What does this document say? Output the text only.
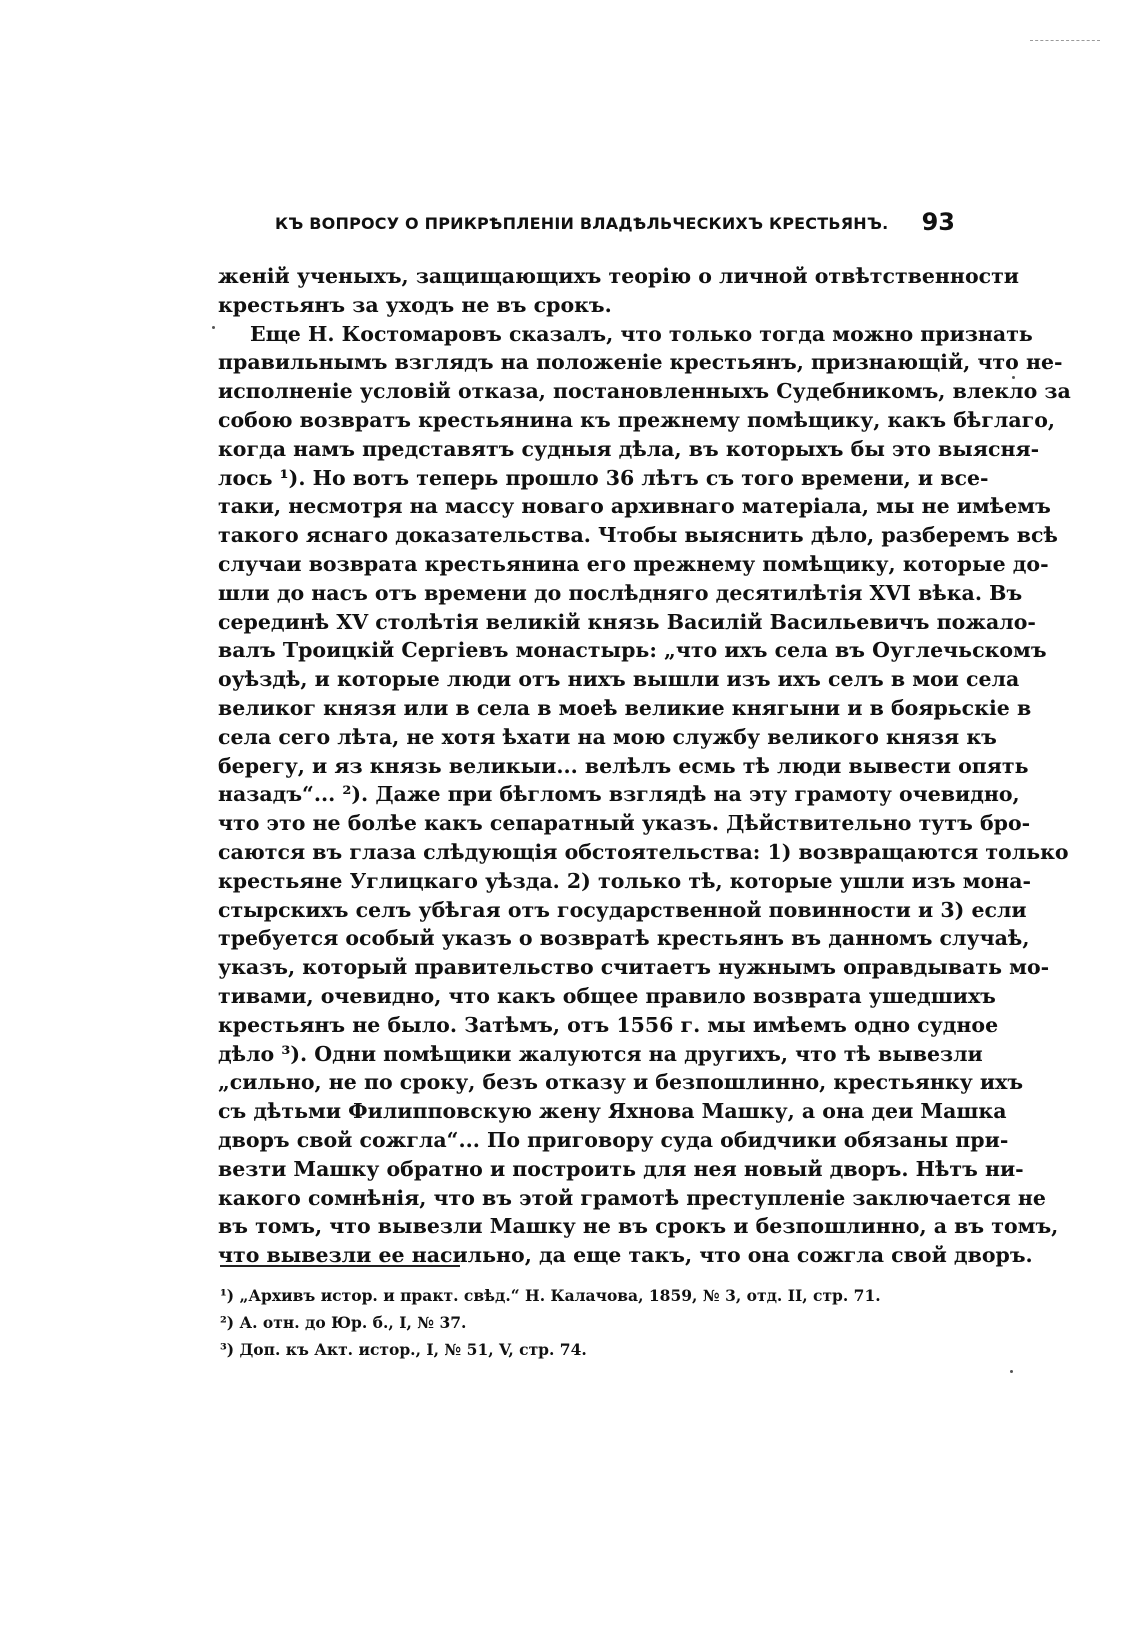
КЪ ВОПРОСУ О ПРИКРѢПЛЕНІИ ВЛАДѢЛЬЧЕСКИХЪ КРЕСТЬЯНЪ. 93
женій ученыхъ, защищающихъ теорію о личной отвѣтственности
крестьянъ за уходъ не въ срокъ.
Еще Н. Костомаровъ сказалъ, что только тогда можно признать
правильнымъ взглядъ на положеніе крестьянъ, признающій, что не-
исполненіе условій отказа, постановленныхъ Судебникомъ, влекло за
собою возвратъ крестьянина къ прежнему помѣщику, какъ бѣглаго,
когда намъ представятъ судныя дѣла, въ которыхъ бы это выясня-
лось ¹). Но вотъ теперь прошло 36 лѣтъ съ того времени, и все-
таки, несмотря на массу новаго архивнаго матеріала, мы не имѣемъ
такого яснаго доказательства. Чтобы выяснить дѣло, разберемъ всѣ
случаи возврата крестьянина его прежнему помѣщику, которые до-
шли до насъ отъ времени до послѣдняго десятилѣтія XVI вѣка. Въ
серединѣ XV столѣтія великій князь Василій Васильевичъ пожало-
валъ Троицкій Сергіевъ монастырь: „что ихъ села въ Оуглечьскомъ
оуѣздѣ, и которые люди отъ нихъ вышли изъ ихъ селъ в мои села
великог князя или в села в моеѣ великие княгыни и в боярьскіе в
села сего лѣта, не хотя ѣхати на мою службу великого князя къ
берегу, и яз князь великыи... велѣлъ есмь тѣ люди вывести опять
назадъ“... ²). Даже при бѣгломъ взглядѣ на эту грамоту очевидно,
что это не болѣе какъ сепаратный указъ. Дѣйствительно тутъ бро-
саются въ глаза слѣдующія обстоятельства: 1) возвращаются только
крестьяне Углицкаго уѣзда. 2) только тѣ, которые ушли изъ мона-
стырскихъ селъ убѣгая отъ государственной повинности и 3) если
требуется особый указъ о возвратѣ крестьянъ въ данномъ случаѣ,
указъ, который правительство считаетъ нужнымъ оправдывать мо-
тивами, очевидно, что какъ общее правило возврата ушедшихъ
крестьянъ не было. Затѣмъ, отъ 1556 г. мы имѣемъ одно судное
дѣло ³). Одни помѣщики жалуются на другихъ, что тѣ вывезли
„сильно, не по сроку, безъ отказу и безпошлинно, крестьянку ихъ
съ дѣтьми Филипповскую жену Яхнова Машку, а она деи Машка
дворъ свой сожгла“... По приговору суда обидчики обязаны при-
везти Машку обратно и построить для нея новый дворъ. Нѣтъ ни-
какого сомнѣнія, что въ этой грамотѣ преступленіе заключается не
въ томъ, что вывезли Машку не въ срокъ и безпошлинно, а въ томъ,
что вывезли ее насильно, да еще такъ, что она сожгла свой дворъ.
¹) „Архивъ истор. и практ. свѣд.“ Н. Калачова, 1859, № 3, отд. II, стр. 71.
²) А. отн. до Юр. б., I, № 37.
³) Доп. къ Акт. истор., I, № 51, V, стр. 74.
